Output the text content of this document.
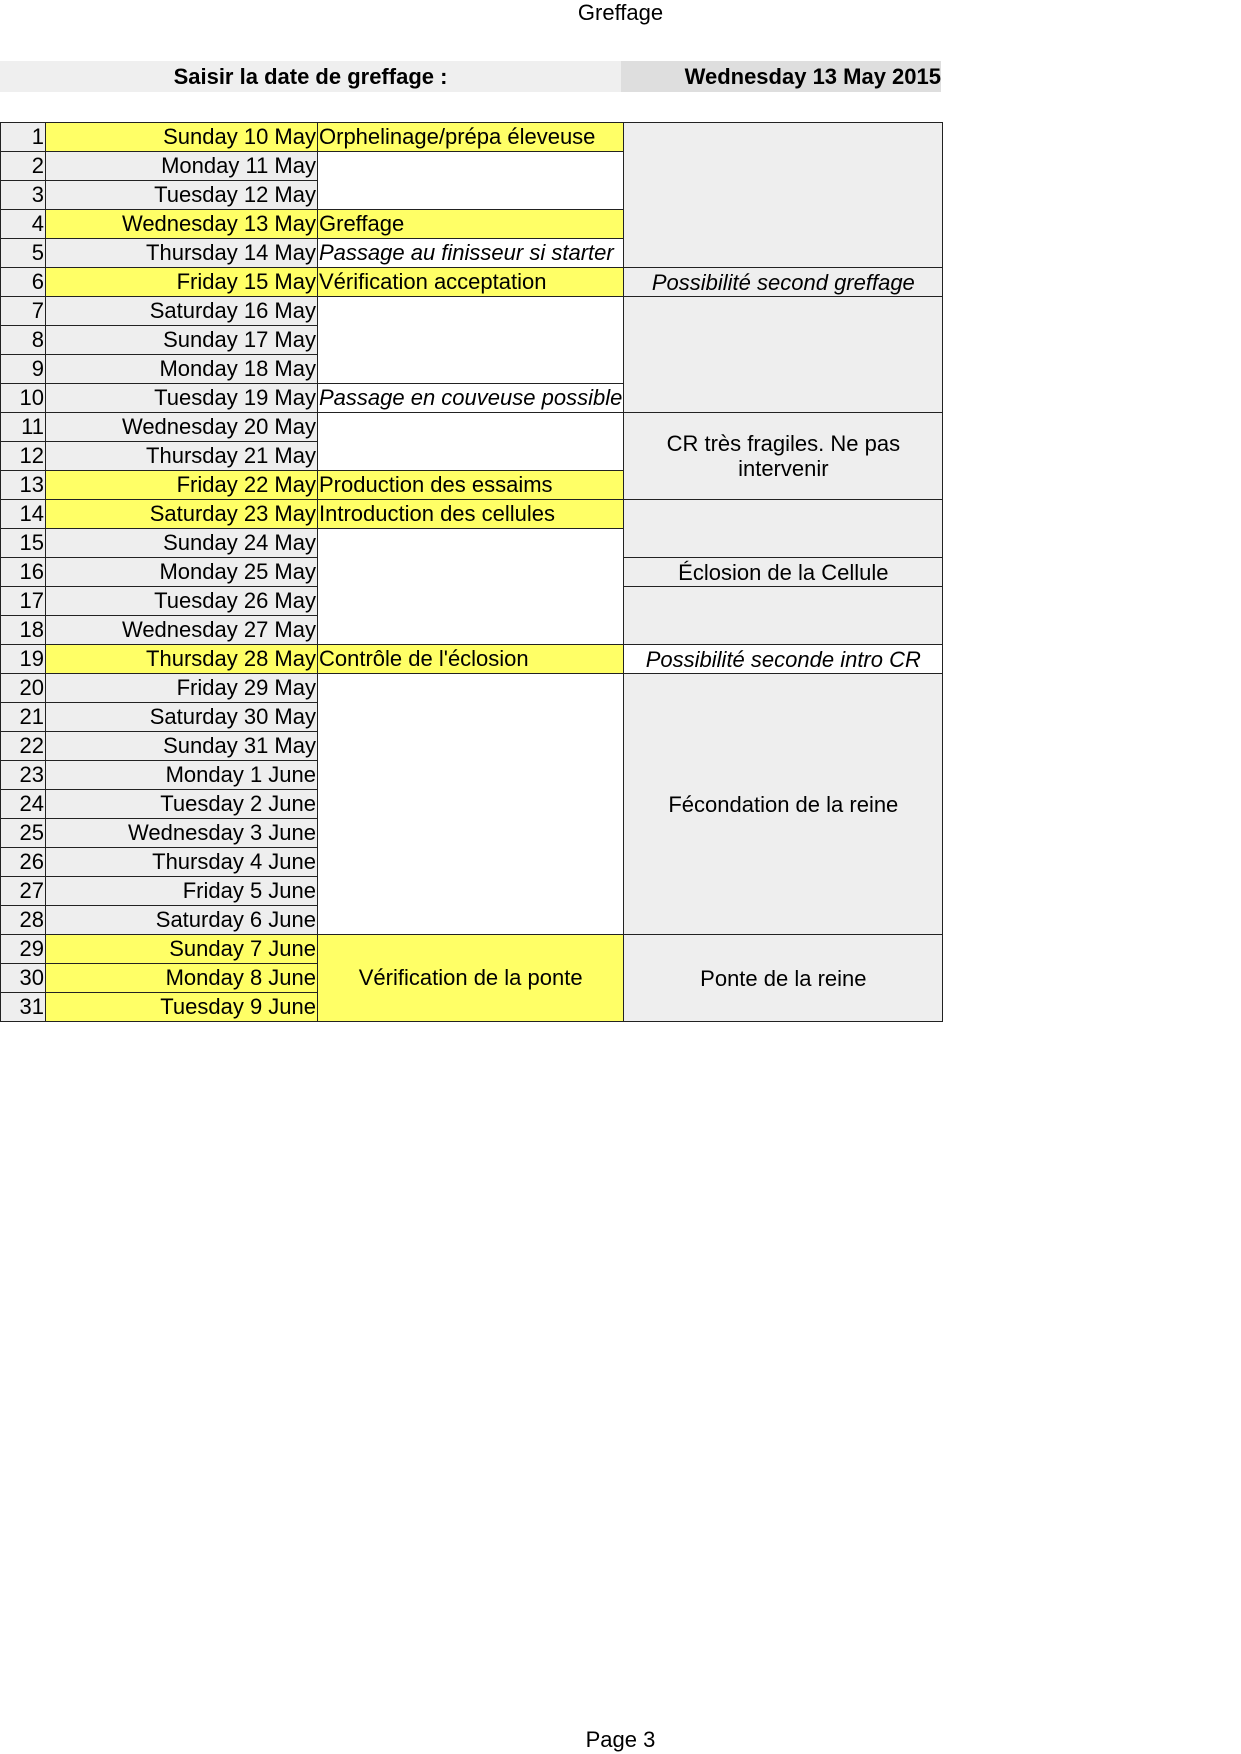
Greffage
Saisir la date de greffage :	Wednesday 13 May 2015
1	Sunday 10 May	Orphelinage/prépa éleveuse	
2	Monday 11 May		
3	Tuesday 12 May		
4	Wednesday 13 May	Greffage	
5	Thursday 14 May	Passage au finisseur si starter	
6	Friday 15 May	Vérification acceptation	Possibilité second greffage
7	Saturday 16 May		
8	Sunday 17 May		
9	Monday 18 May		
10	Tuesday 19 May	Passage en couveuse possible	
11	Wednesday 20 May		CR très fragiles. Ne pas intervenir
12	Thursday 21 May		
13	Friday 22 May	Production des essaims	
14	Saturday 23 May	Introduction des cellules	
15	Sunday 24 May		
16	Monday 25 May		Éclosion de la Cellule
17	Tuesday 26 May		
18	Wednesday 27 May		
19	Thursday 28 May	Contrôle de l'éclosion	Possibilité seconde intro CR
20	Friday 29 May		Fécondation de la reine
21	Saturday 30 May		
22	Sunday 31 May		
23	Monday 1 June		
24	Tuesday 2 June		
25	Wednesday 3 June		
26	Thursday 4 June		
27	Friday 5 June		
28	Saturday 6 June		
29	Sunday 7 June	Vérification de la ponte	Ponte de la reine
30	Monday 8 June		
31	Tuesday 9 June		
Page 3
